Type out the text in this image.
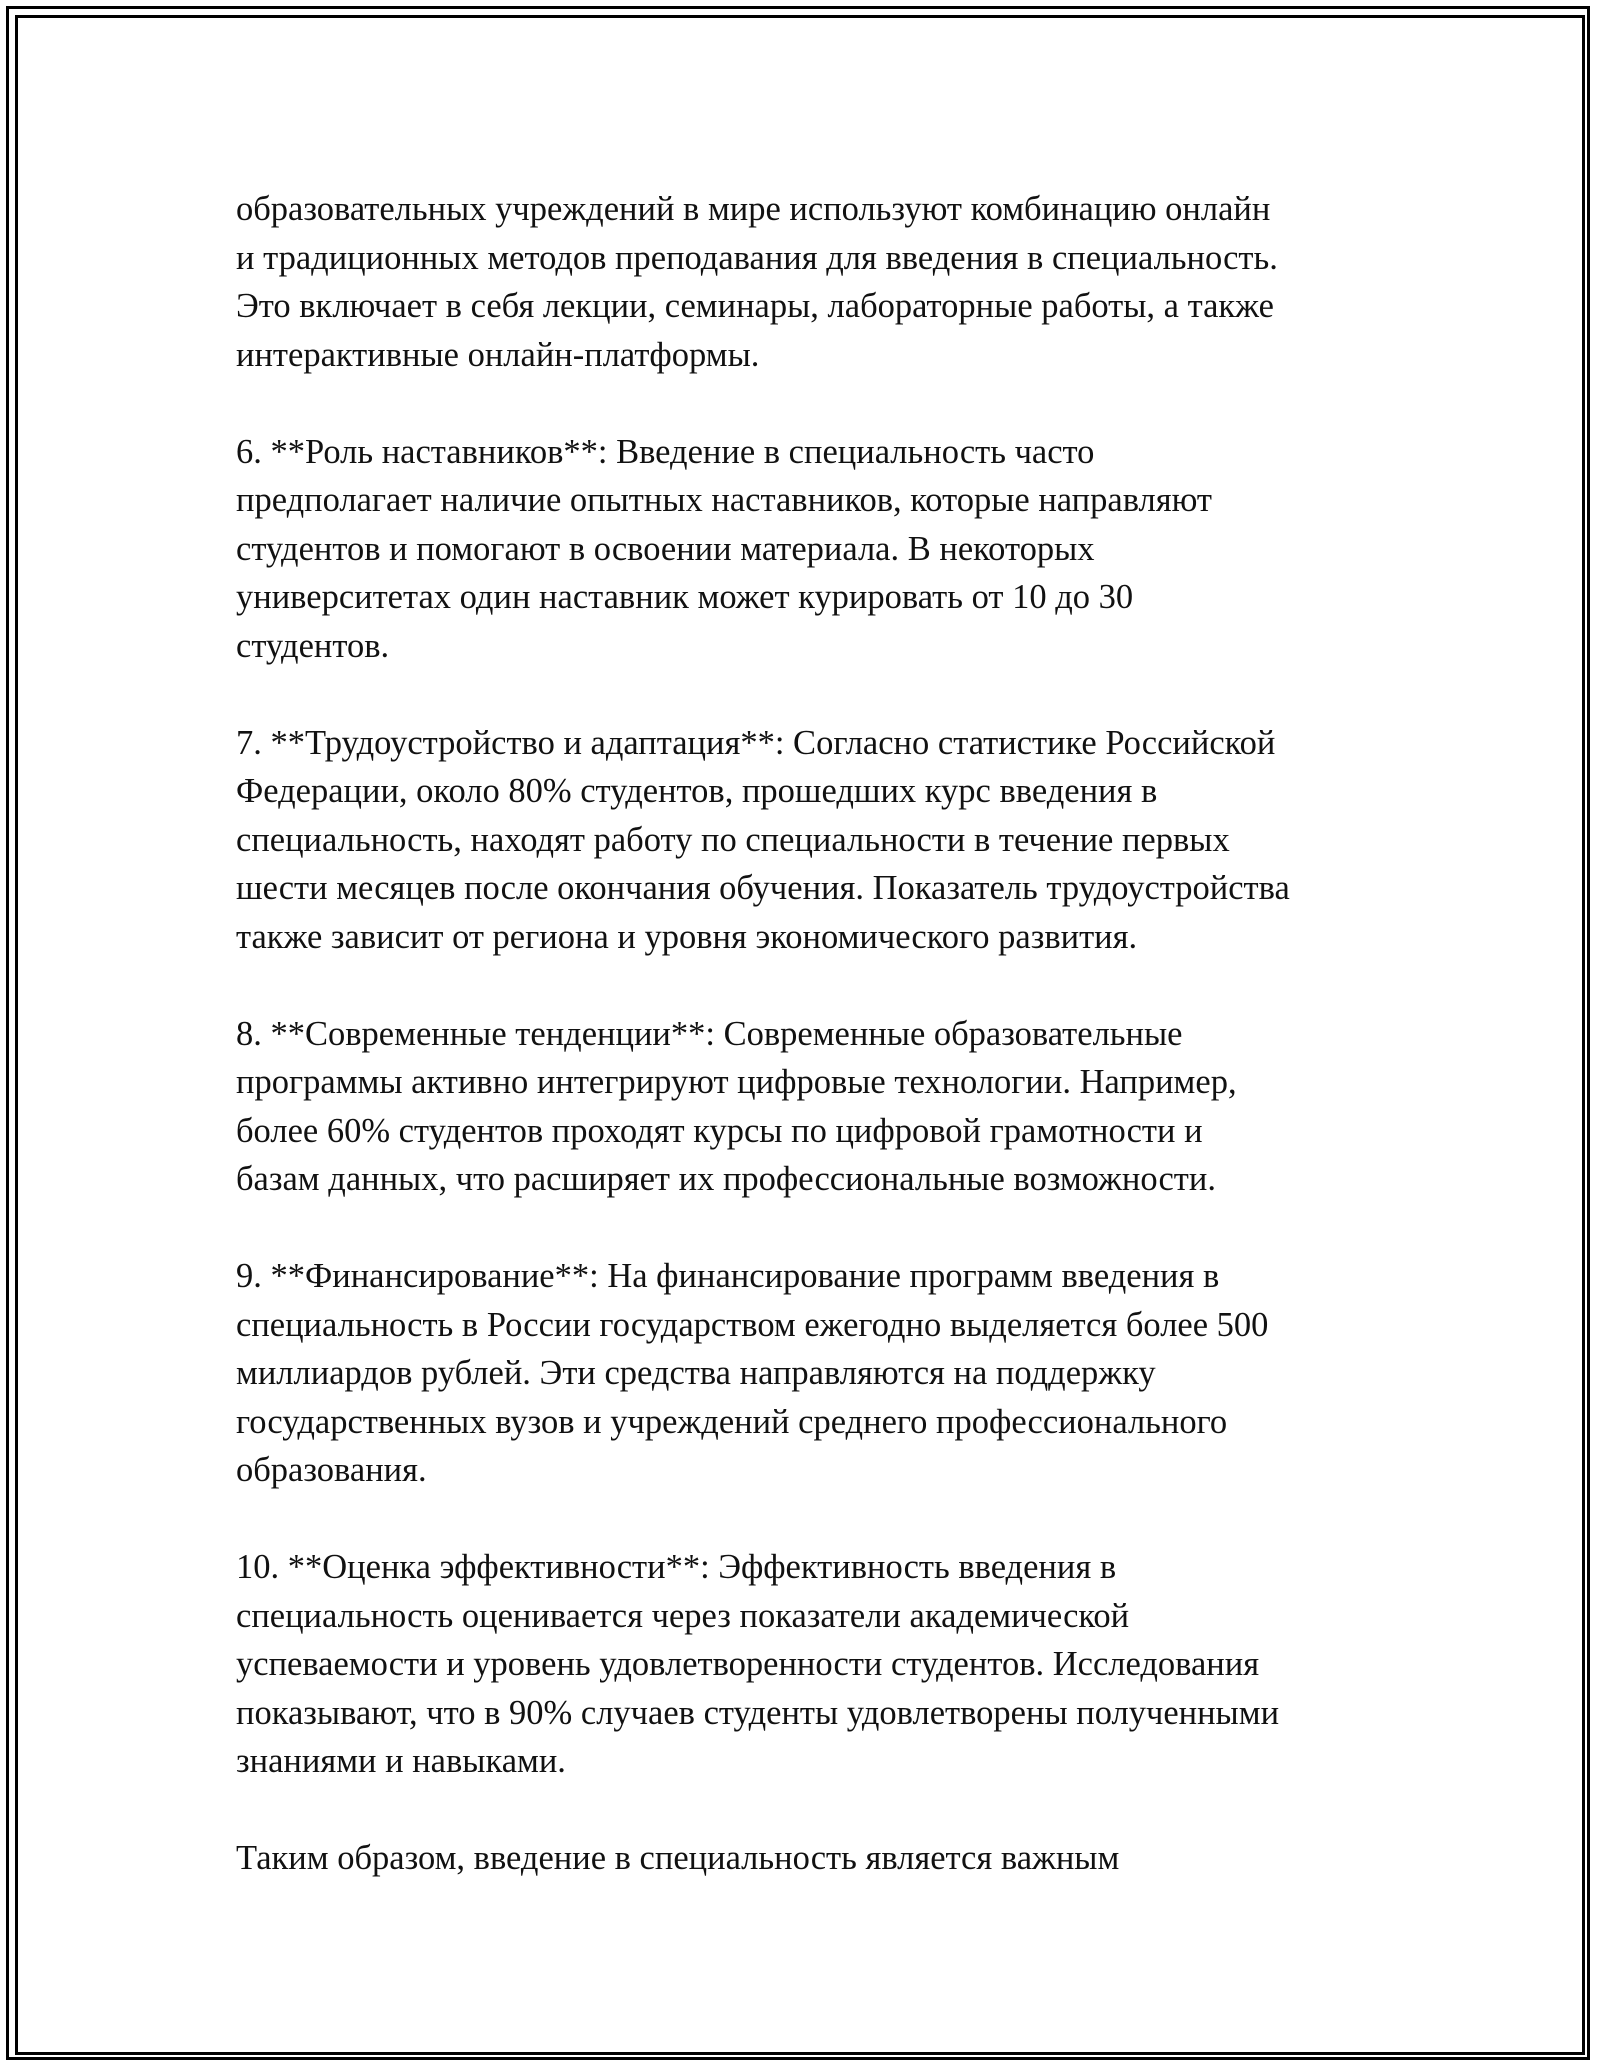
образовательных учреждений в мире используют комбинацию онлайн

и традиционных методов преподавания для введения в специальность.

Это включает в себя лекции, семинары, лабораторные работы, а также

интерактивные онлайн-платформы.

6. **Роль наставников**: Введение в специальность часто

предполагает наличие опытных наставников, которые направляют

студентов и помогают в освоении материала. В некоторых

университетах один наставник может курировать от 10 до 30

студентов.

7. **Трудоустройство и адаптация**: Согласно статистике Российской

Федерации, около 80% студентов, прошедших курс введения в

специальность, находят работу по специальности в течение первых

шести месяцев после окончания обучения. Показатель трудоустройства

также зависит от региона и уровня экономического развития.

8. **Современные тенденции**: Современные образовательные

программы активно интегрируют цифровые технологии. Например,

более 60% студентов проходят курсы по цифровой грамотности и

базам данных, что расширяет их профессиональные возможности.

9. **Финансирование**: На финансирование программ введения в

специальность в России государством ежегодно выделяется более 500

миллиардов рублей. Эти средства направляются на поддержку

государственных вузов и учреждений среднего профессионального

образования.

10. **Оценка эффективности**: Эффективность введения в

специальность оценивается через показатели академической

успеваемости и уровень удовлетворенности студентов. Исследования

показывают, что в 90% случаев студенты удовлетворены полученными

знаниями и навыками.

Таким образом, введение в специальность является важным
